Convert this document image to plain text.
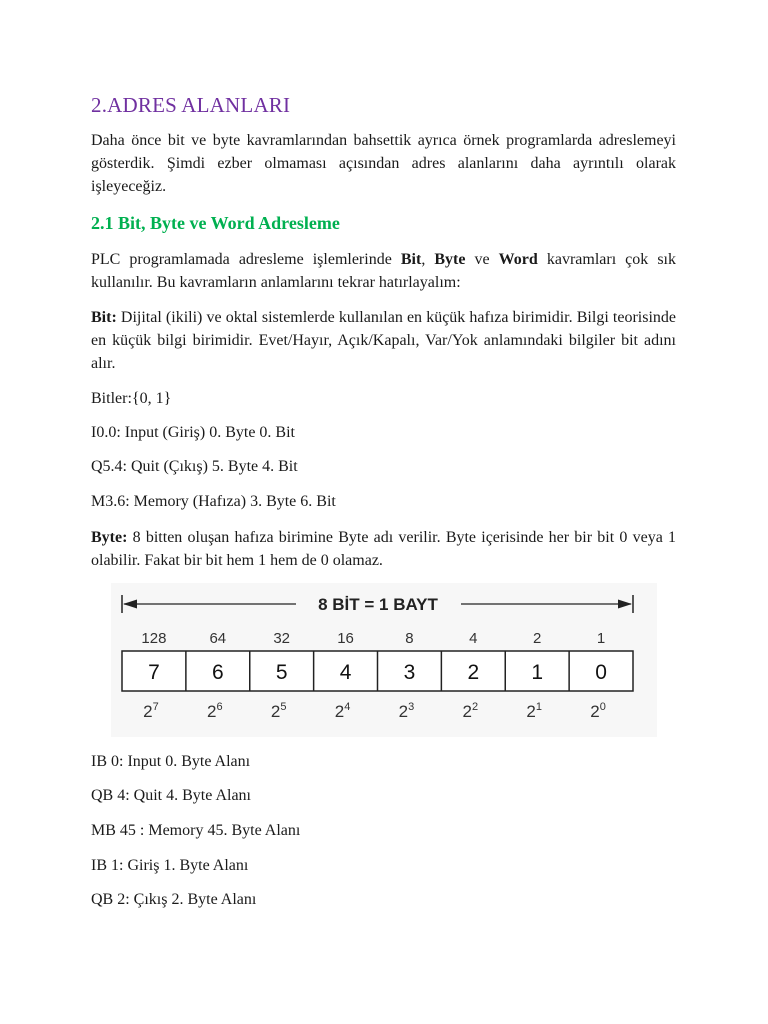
2.ADRES ALANLARI

Daha önce bit ve byte kavramlarından bahsettik ayrıca örnek programlarda adreslemeyi gösterdik. Şimdi ezber olmaması açısından adres alanlarını daha ayrıntılı olarak işleyeceğiz.

2.1 Bit, Byte ve Word Adresleme

PLC programlamada adresleme işlemlerinde Bit, Byte ve Word kavramları çok sık kullanılır. Bu kavramların anlamlarını tekrar hatırlayalım:

Bit: Dijital (ikili) ve oktal sistemlerde kullanılan en küçük hafıza birimidir. Bilgi teorisinde en küçük bilgi birimidir. Evet/Hayır, Açık/Kapalı, Var/Yok anlamındaki bilgiler bit adını alır.

Bitler:{0, 1}

I0.0: Input (Giriş) 0. Byte 0. Bit

Q5.4: Quit (Çıkış) 5. Byte 4. Bit

M3.6: Memory (Hafıza) 3. Byte 6. Bit

Byte: 8 bitten oluşan hafıza birimine Byte adı verilir. Byte içerisinde her bir bit 0 veya 1 olabilir. Fakat bir bit hem 1 hem de 0 olamaz.

8 BİT = 1 BAYT
128	64	32	16	8	4	2	1
7 6 5 4 3 2 1 0
$2^7$	$2^6$	$2^5$	$2^4$	$2^3$	$2^2$	$2^1$	$2^0$

IB 0: Input 0. Byte Alanı

QB 4: Quit 4. Byte Alanı

MB 45 : Memory 45. Byte Alanı

IB 1: Giriş 1. Byte Alanı

QB 2: Çıkış 2. Byte Alanı
